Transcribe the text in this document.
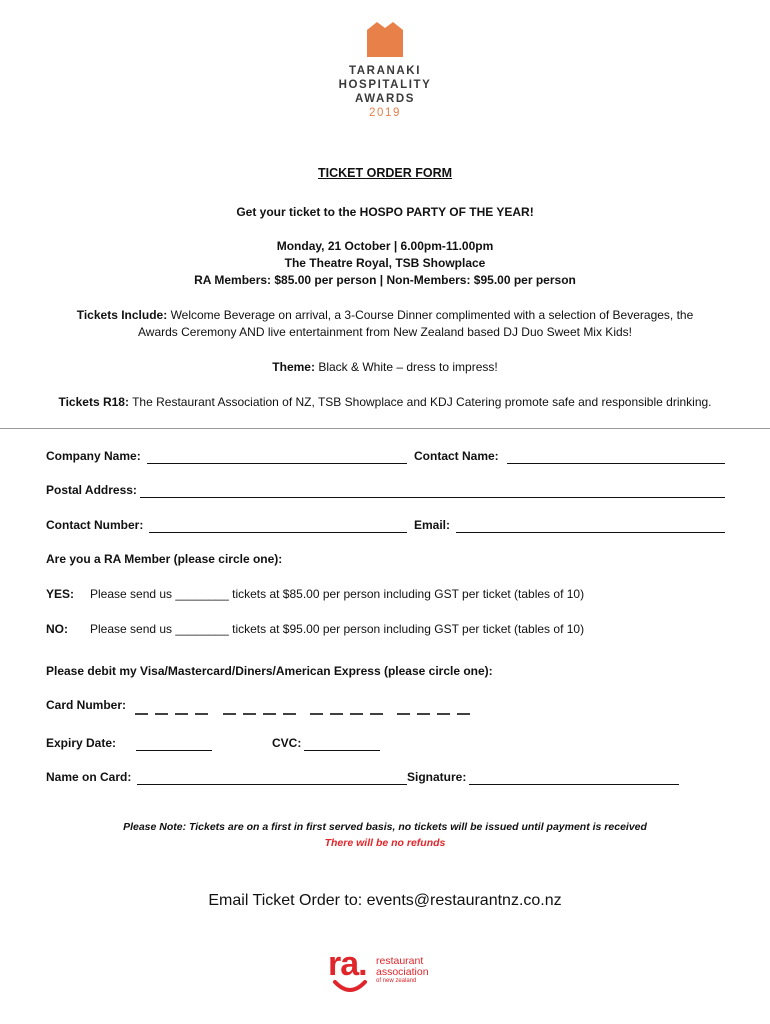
TARANAKI
HOSPITALITY
AWARDS
2019
TICKET ORDER FORM
Get your ticket to the HOSPO PARTY OF THE YEAR!
Monday, 21 October | 6.00pm-11.00pm
The Theatre Royal, TSB Showplace
RA Members: $85.00 per person | Non-Members: $95.00 per person
Tickets Include: Welcome Beverage on arrival, a 3-Course Dinner complimented with a selection of Beverages, the
Awards Ceremony AND live entertainment from New Zealand based DJ Duo Sweet Mix Kids!
Theme: Black & White – dress to impress!
Tickets R18: The Restaurant Association of NZ, TSB Showplace and KDJ Catering promote safe and responsible drinking.
Company Name:	Contact Name:
Postal Address:
Contact Number:	Email:
Are you a RA Member (please circle one):
YES: Please send us ________ tickets at $85.00 per person including GST per ticket (tables of 10)
NO: Please send us ________ tickets at $95.00 per person including GST per ticket (tables of 10)
Please debit my Visa/Mastercard/Diners/American Express (please circle one):
Card Number:
Expiry Date:	CVC:
Name on Card:	Signature:
Please Note: Tickets are on a first in first served basis, no tickets will be issued until payment is received
There will be no refunds
Email Ticket Order to: events@restaurantnz.co.nz
ra. restaurant
association
of new zealand
